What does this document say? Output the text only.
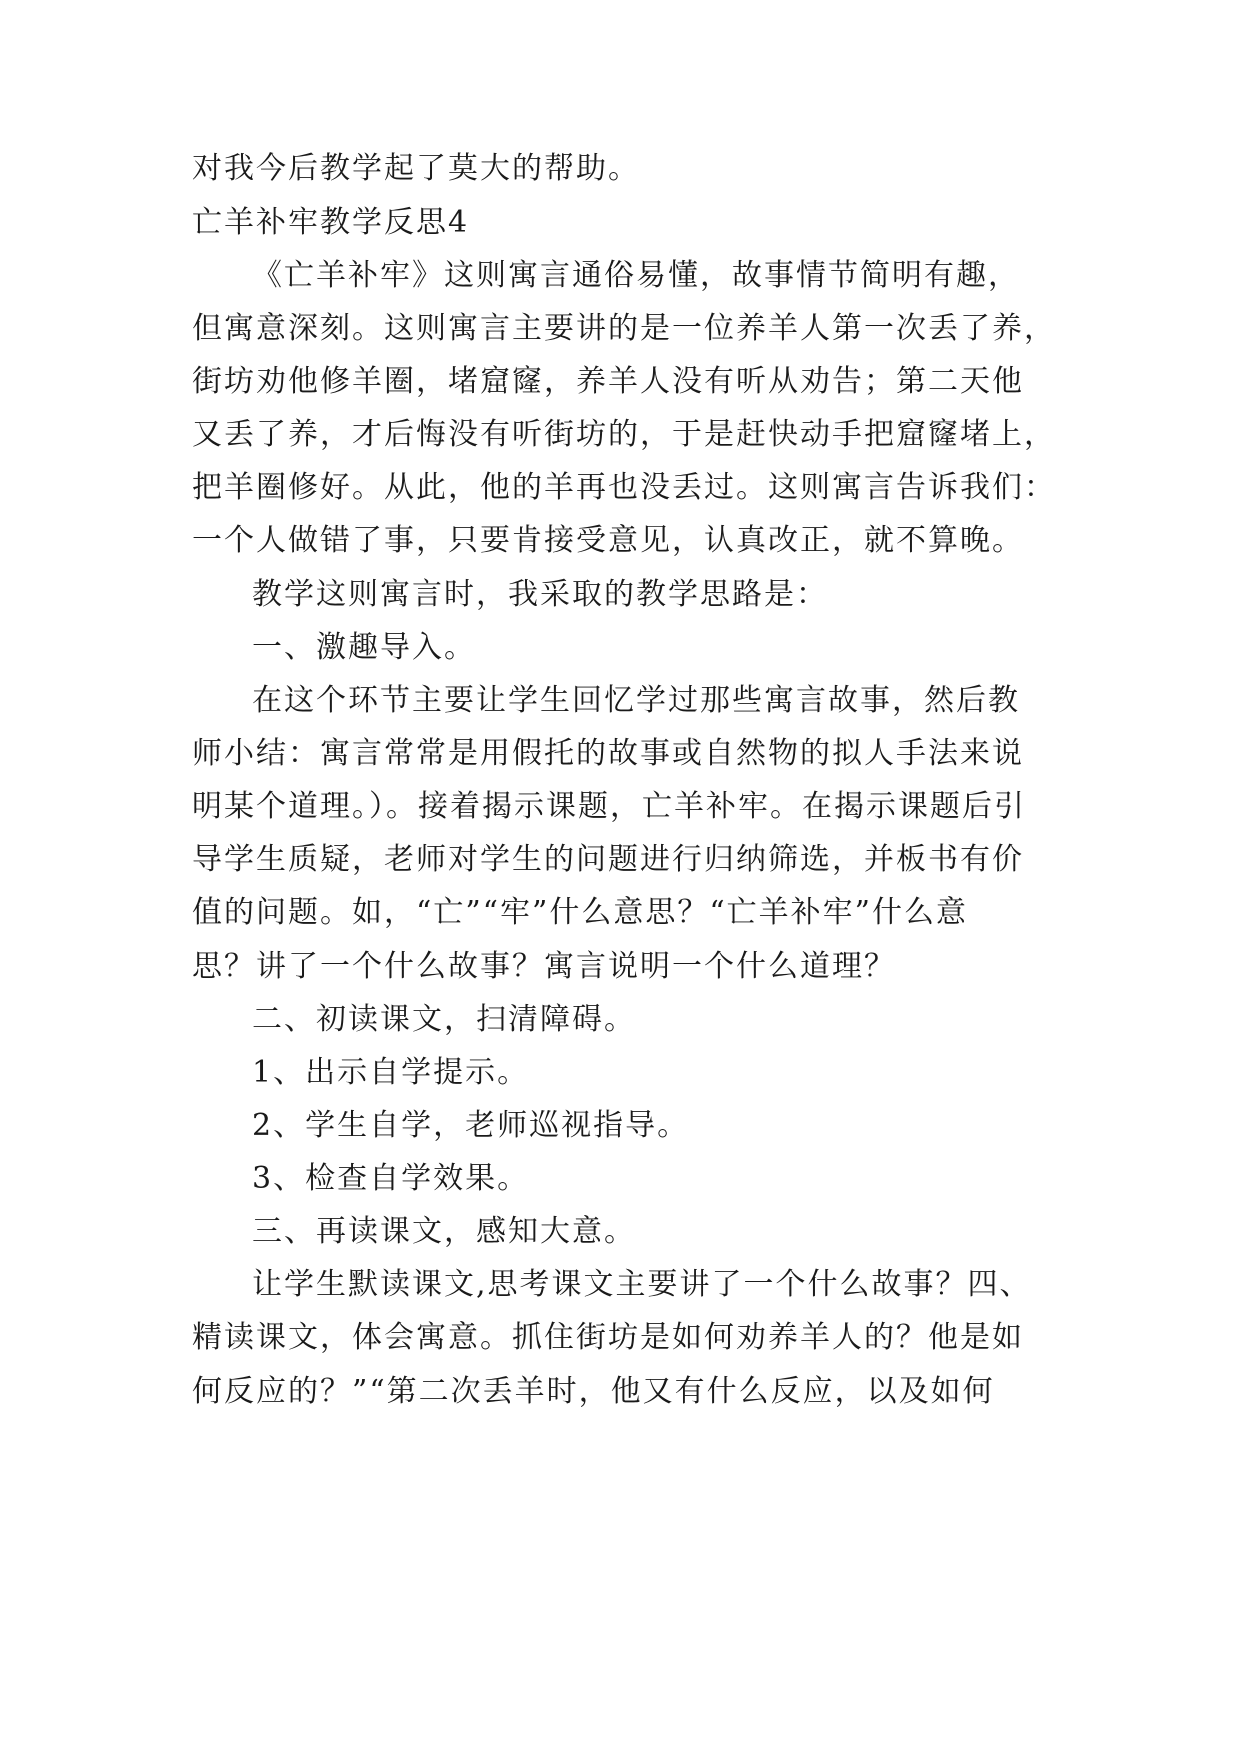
对我今后教学起了莫大的帮助。
亡羊补牢教学反思4
《亡羊补牢》这则寓言通俗易懂，故事情节简明有趣，
但寓意深刻。这则寓言主要讲的是一位养羊人第一次丢了养，
街坊劝他修羊圈，堵窟窿，养羊人没有听从劝告；第二天他
又丢了养，才后悔没有听街坊的，于是赶快动手把窟窿堵上，
把羊圈修好。从此，他的羊再也没丢过。这则寓言告诉我们：
一个人做错了事，只要肯接受意见，认真改正，就不算晚。
教学这则寓言时，我采取的教学思路是：
一、激趣导入。
在这个环节主要让学生回忆学过那些寓言故事，然后教
师小结：寓言常常是用假托的故事或自然物的拟人手法来说
明某个道理。）。接着揭示课题，亡羊补牢。在揭示课题后引
导学生质疑，老师对学生的问题进行归纳筛选，并板书有价
值的问题。如，“亡”“牢”什么意思？“亡羊补牢”什么意
思？讲了一个什么故事？寓言说明一个什么道理？
二、初读课文，扫清障碍。
1、出示自学提示。
2、学生自学，老师巡视指导。
3、检查自学效果。
三、再读课文，感知大意。
让学生默读课文,思考课文主要讲了一个什么故事？四、
精读课文，体会寓意。抓住街坊是如何劝养羊人的？他是如
何反应的？”“第二次丢羊时，他又有什么反应，以及如何
